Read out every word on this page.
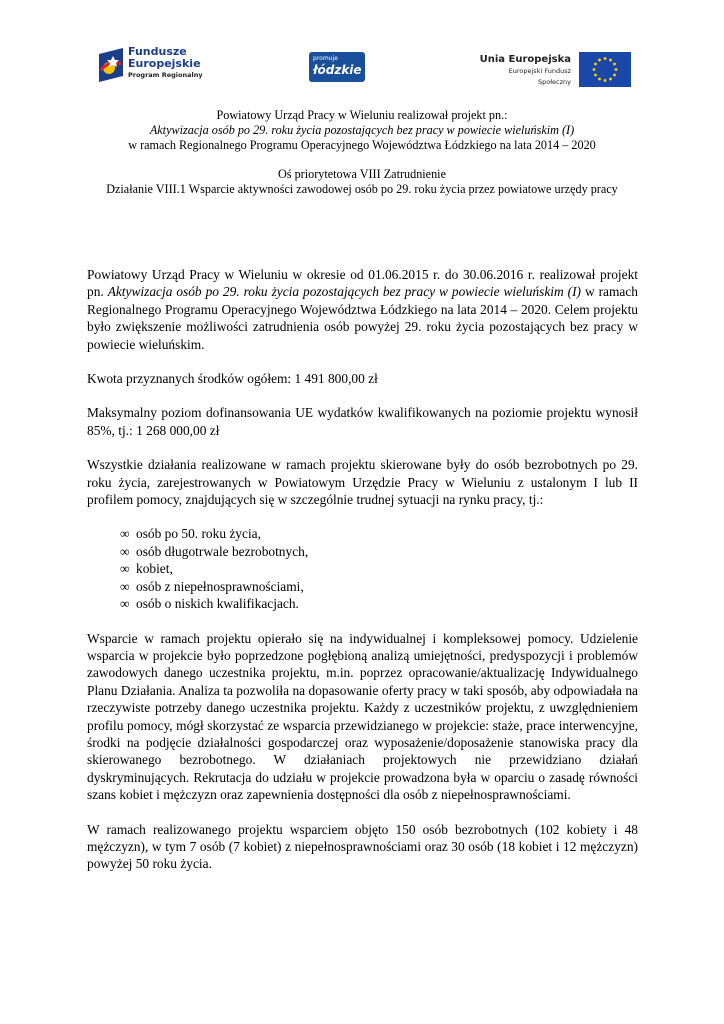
Fundusze
Europejskie
Program Regionalny
promuje
łódzkie
Unia Europejska
Europejski Fundusz Społeczny

Powiatowy Urząd Pracy w Wieluniu realizował projekt pn.:

Aktywizacja osób po 29. roku życia pozostających bez pracy w powiecie wieluńskim (I)

w ramach Regionalnego Programu Operacyjnego Województwa Łódzkiego na lata 2014 – 2020

Oś priorytetowa VIII Zatrudnienie

Działanie VIII.1 Wsparcie aktywności zawodowej osób po 29. roku życia przez powiatowe urzędy pracy

Powiatowy Urząd Pracy w Wieluniu w okresie od 01.06.2015 r. do 30.06.2016 r. realizował projekt pn. Aktywizacja osób po 29. roku życia pozostających bez pracy w powiecie wieluńskim (I) w ramach Regionalnego Programu Operacyjnego Województwa Łódzkiego na lata 2014 – 2020. Celem projektu było zwiększenie możliwości zatrudnienia osób powyżej 29. roku życia pozostających bez pracy w powiecie wieluńskim.

Kwota przyznanych środków ogółem: 1 491 800,00 zł

Maksymalny poziom dofinansowania UE wydatków kwalifikowanych na poziomie projektu wynosił 85%, tj.: 1 268 000,00 zł

Wszystkie działania realizowane w ramach projektu skierowane były do osób bezrobotnych po 29. roku życia, zarejestrowanych w Powiatowym Urzędzie Pracy w Wieluniu z ustalonym I lub II profilem pomocy, znajdujących się w szczególnie trudnej sytuacji na rynku pracy, tj.:

∞ osób po 50. roku życia,
∞ osób długotrwale bezrobotnych,
∞ kobiet,
∞ osób z niepełnosprawnościami,
∞ osób o niskich kwalifikacjach.

Wsparcie w ramach projektu opierało się na indywidualnej i kompleksowej pomocy. Udzielenie wsparcia w projekcie było poprzedzone pogłębioną analizą umiejętności, predyspozycji i problemów zawodowych danego uczestnika projektu, m.in. poprzez opracowanie/aktualizację Indywidualnego Planu Działania. Analiza ta pozwoliła na dopasowanie oferty pracy w taki sposób, aby odpowiadała na rzeczywiste potrzeby danego uczestnika projektu. Każdy z uczestników projektu, z uwzględnieniem profilu pomocy, mógł skorzystać ze wsparcia przewidzianego w projekcie: staże, prace interwencyjne, środki na podjęcie działalności gospodarczej oraz wyposażenie/doposażenie stanowiska pracy dla skierowanego bezrobotnego. W działaniach projektowych nie przewidziano działań dyskryminujących. Rekrutacja do udziału w projekcie prowadzona była w oparciu o zasadę równości szans kobiet i mężczyzn oraz zapewnienia dostępności dla osób z niepełnosprawnościami.

W ramach realizowanego projektu wsparciem objęto 150 osób bezrobotnych (102 kobiety i 48 mężczyzn), w tym 7 osób (7 kobiet) z niepełnosprawnościami oraz 30 osób (18 kobiet i 12 mężczyzn) powyżej 50 roku życia.
